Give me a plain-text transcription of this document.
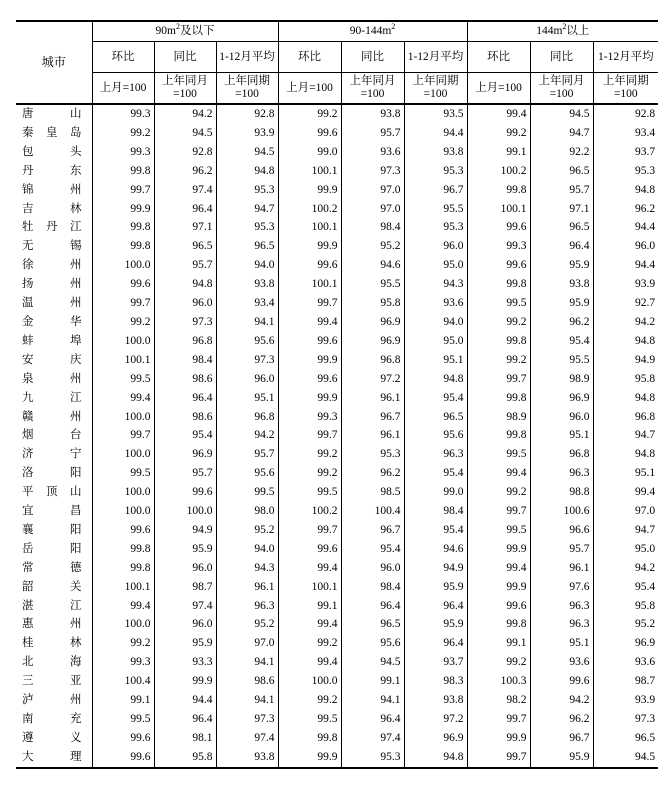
城市	$90m^2$及以下			$90-144m^2$			$144m^2$以上		
	环比	同比	1-12月平均	环比	同比	1-12月平均	环比	同比	1-12月平均
	上月=100	上年同月=100	上年同期=100	上月=100	上年同月=100	上年同期=100	上月=100	上年同月=100	上年同期=100
唐山	99.3	94.2	92.8	99.2	93.8	93.5	99.4	94.5	92.8
秦皇岛	99.2	94.5	93.9	99.6	95.7	94.4	99.2	94.7	93.4
包头	99.3	92.8	94.5	99.0	93.6	93.8	99.1	92.2	93.7
丹东	99.8	96.2	94.8	100.1	97.3	95.3	100.2	96.5	95.3
锦州	99.7	97.4	95.3	99.9	97.0	96.7	99.8	95.7	94.8
吉林	99.9	96.4	94.7	100.2	97.0	95.5	100.1	97.1	96.2
牡丹江	99.8	97.1	95.3	100.1	98.4	95.3	99.6	96.5	94.4
无锡	99.8	96.5	96.5	99.9	95.2	96.0	99.3	96.4	96.0
徐州	100.0	95.7	94.0	99.6	94.6	95.0	99.6	95.9	94.4
扬州	99.6	94.8	93.8	100.1	95.5	94.3	99.8	93.8	93.9
温州	99.7	96.0	93.4	99.7	95.8	93.6	99.5	95.9	92.7
金华	99.2	97.3	94.1	99.4	96.9	94.0	99.2	96.2	94.2
蚌埠	100.0	96.8	95.6	99.6	96.9	95.0	99.8	95.4	94.8
安庆	100.1	98.4	97.3	99.9	96.8	95.1	99.2	95.5	94.9
泉州	99.5	98.6	96.0	99.6	97.2	94.8	99.7	98.9	95.8
九江	99.4	96.4	95.1	99.9	96.1	95.4	99.8	96.9	94.8
赣州	100.0	98.6	96.8	99.3	96.7	96.5	98.9	96.0	96.8
烟台	99.7	95.4	94.2	99.7	96.1	95.6	99.8	95.1	94.7
济宁	100.0	96.9	95.7	99.2	95.3	96.3	99.5	96.8	94.8
洛阳	99.5	95.7	95.6	99.2	96.2	95.4	99.4	96.3	95.1
平顶山	100.0	99.6	99.5	99.5	98.5	99.0	99.2	98.8	99.4
宜昌	100.0	100.0	98.0	100.2	100.4	98.4	99.7	100.6	97.0
襄阳	99.6	94.9	95.2	99.7	96.7	95.4	99.5	96.6	94.7
岳阳	99.8	95.9	94.0	99.6	95.4	94.6	99.9	95.7	95.0
常德	99.8	96.0	94.3	99.4	96.0	94.9	99.4	96.1	94.2
韶关	100.1	98.7	96.1	100.1	98.4	95.9	99.9	97.6	95.4
湛江	99.4	97.4	96.3	99.1	96.4	96.4	99.6	96.3	95.8
惠州	100.0	96.0	95.2	99.4	96.5	95.9	99.8	96.3	95.2
桂林	99.2	95.9	97.0	99.2	95.6	96.4	99.1	95.1	96.9
北海	99.3	93.3	94.1	99.4	94.5	93.7	99.2	93.6	93.6
三亚	100.4	99.9	98.6	100.0	99.1	98.3	100.3	99.6	98.7
泸州	99.1	94.4	94.1	99.2	94.1	93.8	98.2	94.2	93.9
南充	99.5	96.4	97.3	99.5	96.4	97.2	99.7	96.2	97.3
遵义	99.6	98.1	97.4	99.8	97.4	96.9	99.9	96.7	96.5
大理	99.6	95.8	93.8	99.9	95.3	94.8	99.7	95.9	94.5
